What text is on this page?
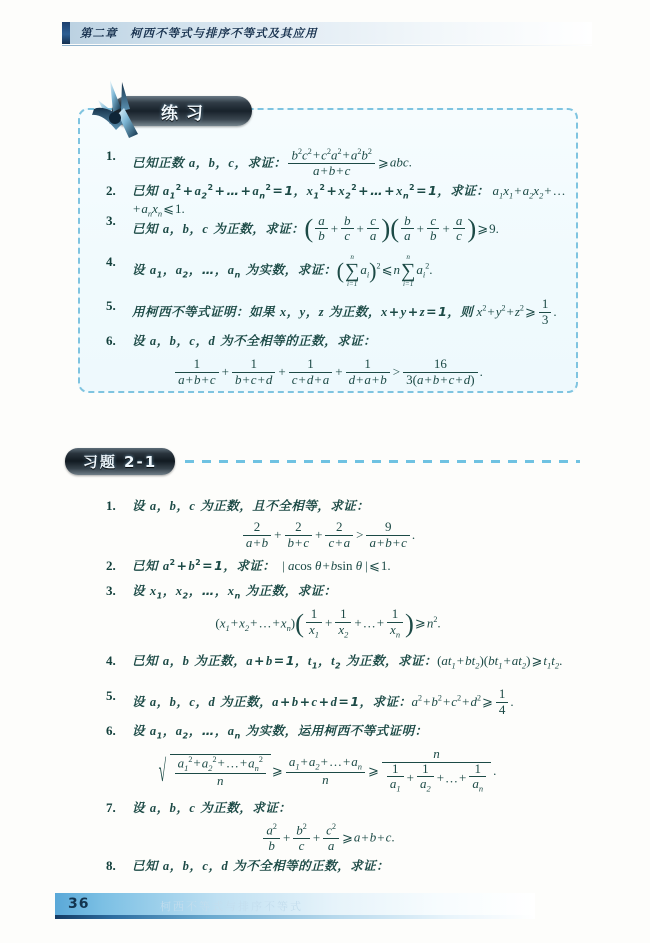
第二章　柯西不等式与排序不等式及其应用
练习
1. 已知正数 a，b，c，求证： $\frac{b^2c^2+c^2a^2+a^2b^2}{a+b+c}$ ⩾abc.
2. 已知 $a_1^2+a_2^2+\dots+a_n^2=1$，$x_1^2+x_2^2+\dots+x_n^2=1$，求证： $a_1x_1+a_2x_2+\dots+a_nx_n⩽1$.
3.
已知 a，b，c 为正数，求证：( $\frac{a}{b} + \frac{b}{c} + \frac{c}{a}$ )( $\frac{b}{a} + \frac{c}{b} + \frac{a}{c}$ )⩾9.
4.
设 $a_1$，$a_2$，…，$a_n$ 为实数，求证：(
n
∑
i=1
$a_i)^2⩽n$
n
∑
i=1
$a_i^2$.
5. 用柯西不等式证明：如果 x，y，z 为正数，x+y+z=1，则 $x^2+y^2+z^2⩾ \frac{1}{3}$ .
6. 设 a，b，c，d 为不全相等的正数，求证：
$\frac{1}{a+b+c} + \frac{1}{b+c+d} + \frac{1}{c+d+a} + \frac{1}{d+a+b} > \frac{16}{3(a+b+c+d)}$ .
习题 2-1
1. 设 a，b，c 为正数，且不全相等，求证：
$\frac{2}{a+b} + \frac{2}{b+c} + \frac{2}{c+a} > \frac{9}{a+b+c}$ .
2. 已知 $a^2+b^2=1$，求证：　| acos θ+bsin θ |⩽1.
3. 设 $x_1$，$x_2$，…，$x_n$ 为正数，求证：
$(x_1+x_2+\dots+x_n)( \frac{1}{x_1} + \frac{1}{x_2}$ +…+ $\frac{1}{x_n}$ )$⩾n^2$.
4. 已知 a，b 为正数，a+b=1，$t_1$，$t_2$ 为正数，求证：$(at_1+bt_2)(bt_1+at_2)⩾t_1t_2$.
5. 设 a，b，c，d 为正数，a+b+c+d=1，求证：$a^2+b^2+c^2+d^2⩾ \frac{1}{4}$ .
6. 设 $a_1$，$a_2$，…，$a_n$ 为实数，运用柯西不等式证明：
√ $\frac{a_1^2+a_2^2+\dots+a_n^2}{n}$ ⩾ $\frac{a_1+a_2+\dots+a_n}{n}$ ⩾ $\frac{n}{\frac{1}{a_1} + \frac{1}{a_2} +\dots+ \frac{1}{a_n}}$ .
7. 设 a，b，c 为正数，求证：
$\frac{a^2}{b} + \frac{b^2}{c} + \frac{c^2}{a}$ ⩾a+b+c.
8. 已知 a，b，c，d 为不全相等的正数，求证：
36	柯西不等式与排序不等式
